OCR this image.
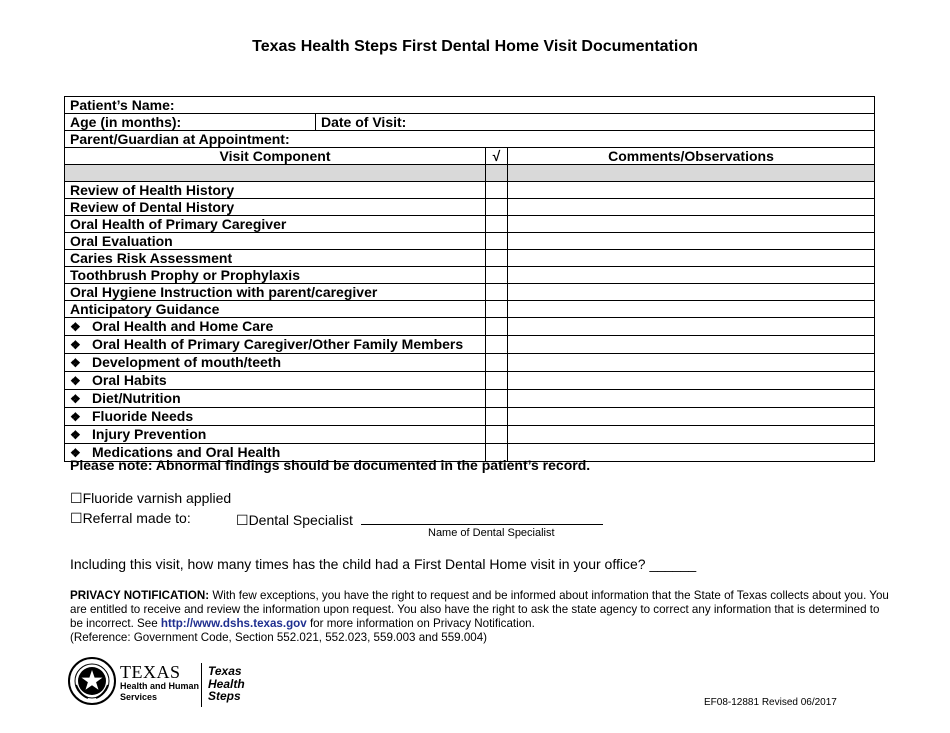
Texas Health Steps First Dental Home Visit Documentation
Patient’s Name:			
Age (in months):	Date of Visit:		
Parent/Guardian at Appointment:			
Visit Component		√	Comments/Observations

Review of Health History			
Review of Dental History			
Oral Health of Primary Caregiver			
Oral Evaluation			
Caries Risk Assessment			
Toothbrush Prophy or Prophylaxis			
Oral Hygiene Instruction with parent/caregiver			
Anticipatory Guidance			
❖ Oral Health and Home Care			
❖ Oral Health of Primary Caregiver/Other Family Members			
❖ Development of mouth/teeth			
❖ Oral Habits			
❖ Diet/Nutrition			
❖ Fluoride Needs			
❖ Injury Prevention			
❖ Medications and Oral Health			
Please note: Abnormal findings should be documented in the patient’s record.
☐Fluoride varnish applied
☐Referral made to:	☐Dental Specialist
Name of Dental Specialist
Including this visit, how many times has the child had a First Dental Home visit in your office? ______
PRIVACY NOTIFICATION: With few exceptions, you have the right to request and be informed about information that the State of Texas collects about you. You are entitled to receive and review the information upon request. You also have the right to ask the state agency to correct any information that is determined to be incorrect. See http://www.dshs.texas.gov for more information on Privacy Notification.
(Reference: Government Code, Section 552.021, 552.023, 559.003 and 559.004)
TEXAS
Health and Human
Services
Texas
Health
Steps	EF08-12881 Revised 06/2017
